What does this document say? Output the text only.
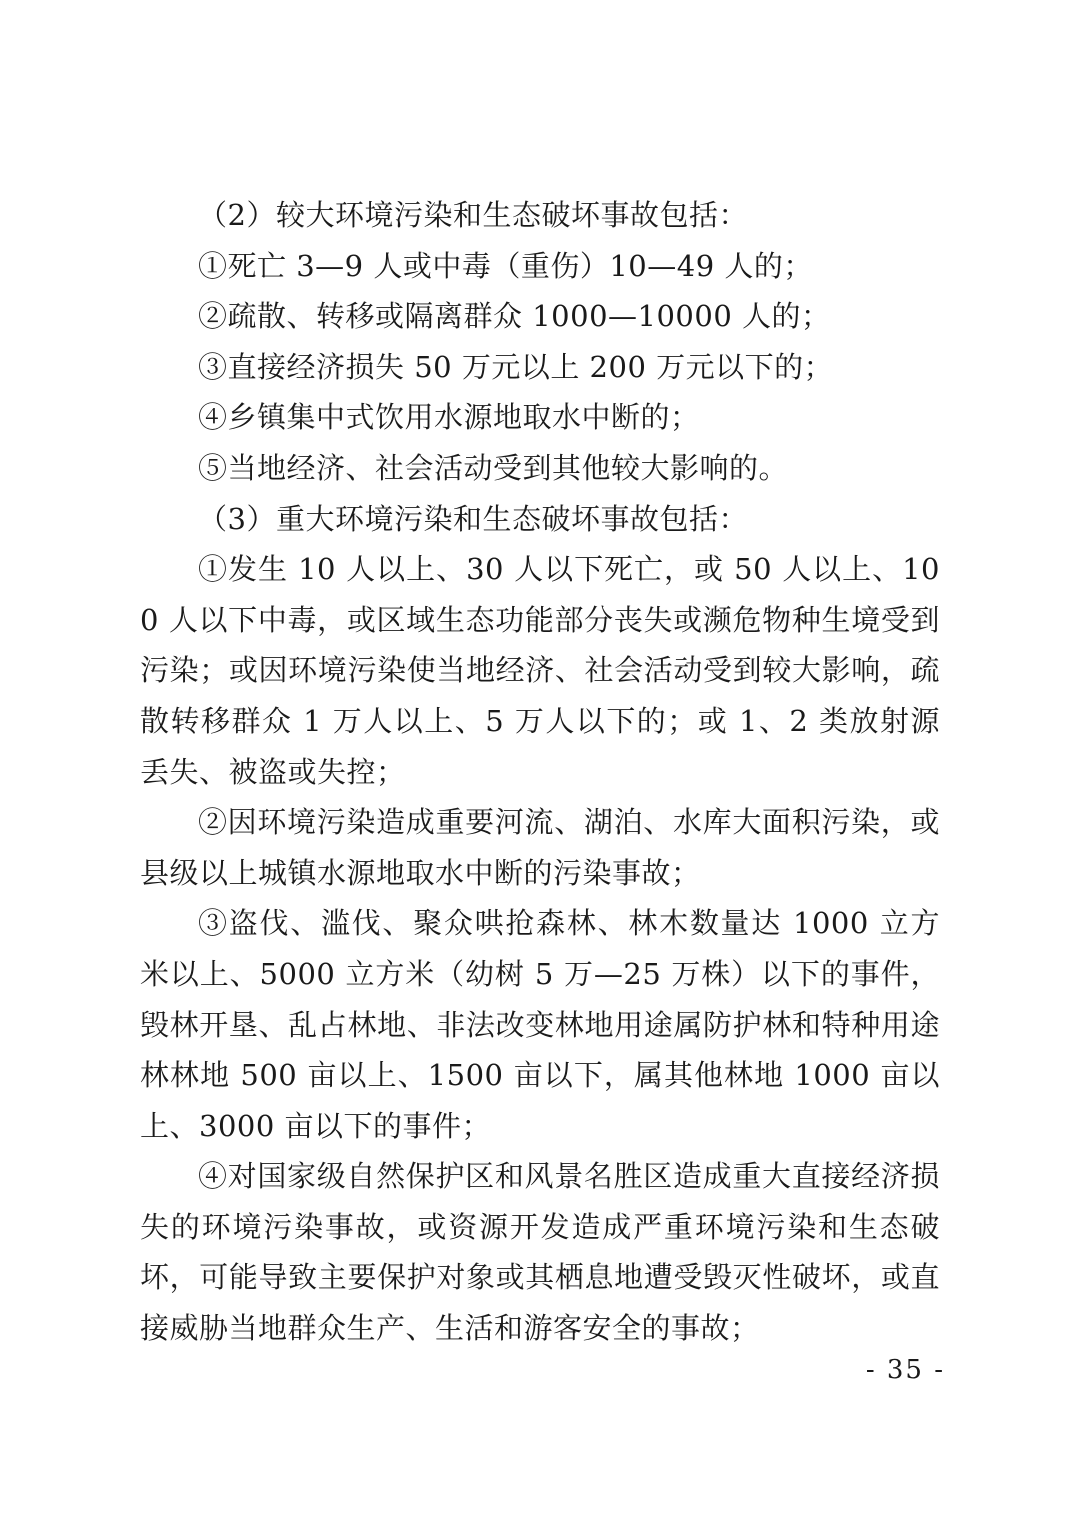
（2）较大环境污染和生态破坏事故包括：

①死亡 3—9 人或中毒（重伤）10—49 人的；

②疏散、转移或隔离群众 1000—10000 人的；

③直接经济损失 50 万元以上 200 万元以下的；

④乡镇集中式饮用水源地取水中断的；

⑤当地经济、社会活动受到其他较大影响的。

（3）重大环境污染和生态破坏事故包括：

①发生 10 人以上、30 人以下死亡，或 50 人以上、100 人以下中毒，或区域生态功能部分丧失或濒危物种生境受到污染；或因环境污染使当地经济、社会活动受到较大影响，疏散转移群众 1 万人以上、5 万人以下的；或 1、2 类放射源丢失、被盗或失控；

②因环境污染造成重要河流、湖泊、水库大面积污染，或县级以上城镇水源地取水中断的污染事故；

③盗伐、滥伐、聚众哄抢森林、林木数量达 1000 立方米以上、5000 立方米（幼树 5 万—25 万株）以下的事件，毁林开垦、乱占林地、非法改变林地用途属防护林和特种用途林林地 500 亩以上、1500 亩以下，属其他林地 1000 亩以上、3000 亩以下的事件；

④对国家级自然保护区和风景名胜区造成重大直接经济损失的环境污染事故，或资源开发造成严重环境污染和生态破坏，可能导致主要保护对象或其栖息地遭受毁灭性破坏，或直接威胁当地群众生产、生活和游客安全的事故；

- 35 -
